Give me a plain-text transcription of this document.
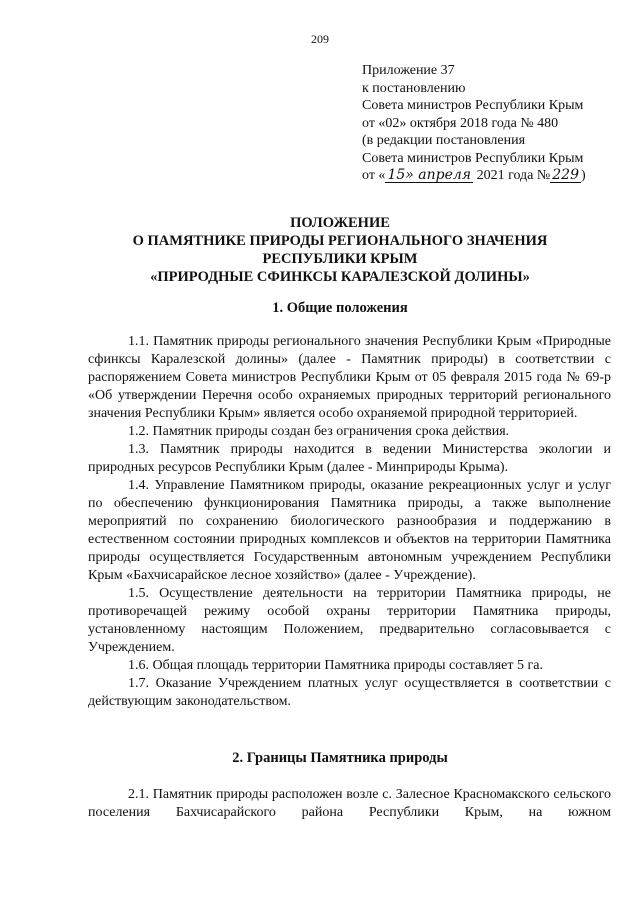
209
Приложение 37
к постановлению
Совета министров Республики Крым
от «02» октября 2018 года № 480
(в редакции постановления
Совета министров Республики Крым
от « 15» апреля 2021 года № 229 )
ПОЛОЖЕНИЕ
О ПАМЯТНИКЕ ПРИРОДЫ РЕГИОНАЛЬНОГО ЗНАЧЕНИЯ
РЕСПУБЛИКИ КРЫМ
«ПРИРОДНЫЕ СФИНКСЫ КАРАЛЕЗСКОЙ ДОЛИНЫ»
1. Общие положения

1.1. Памятник природы регионального значения Республики Крым «Природные сфинксы Каралезской долины» (далее - Памятник природы) в соответствии с распоряжением Совета министров Республики Крым от 05 февраля 2015 года № 69-р «Об утверждении Перечня особо охраняемых природных территорий регионального значения Республики Крым» является особо охраняемой природной территорией.

1.2. Памятник природы создан без ограничения срока действия.

1.3. Памятник природы находится в ведении Министерства экологии и природных ресурсов Республики Крым (далее - Минприроды Крыма).

1.4. Управление Памятником природы, оказание рекреационных услуг и услуг по обеспечению функционирования Памятника природы, а также выполнение мероприятий по сохранению биологического разнообразия и поддержанию в естественном состоянии природных комплексов и объектов на территории Памятника природы осуществляется Государственным автономным учреждением Республики Крым «Бахчисарайское лесное хозяйство» (далее - Учреждение).

1.5. Осуществление деятельности на территории Памятника природы, не противоречащей режиму особой охраны территории Памятника природы, установленному настоящим Положением, предварительно согласовывается с Учреждением.

1.6. Общая площадь территории Памятника природы составляет 5 га.

1.7. Оказание Учреждением платных услуг осуществляется в соответствии с действующим законодательством.

2. Границы Памятника природы

2.1. Памятник природы расположен возле с. Залесное Красномакского сельского поселения Бахчисарайского района Республики Крым, на южном
